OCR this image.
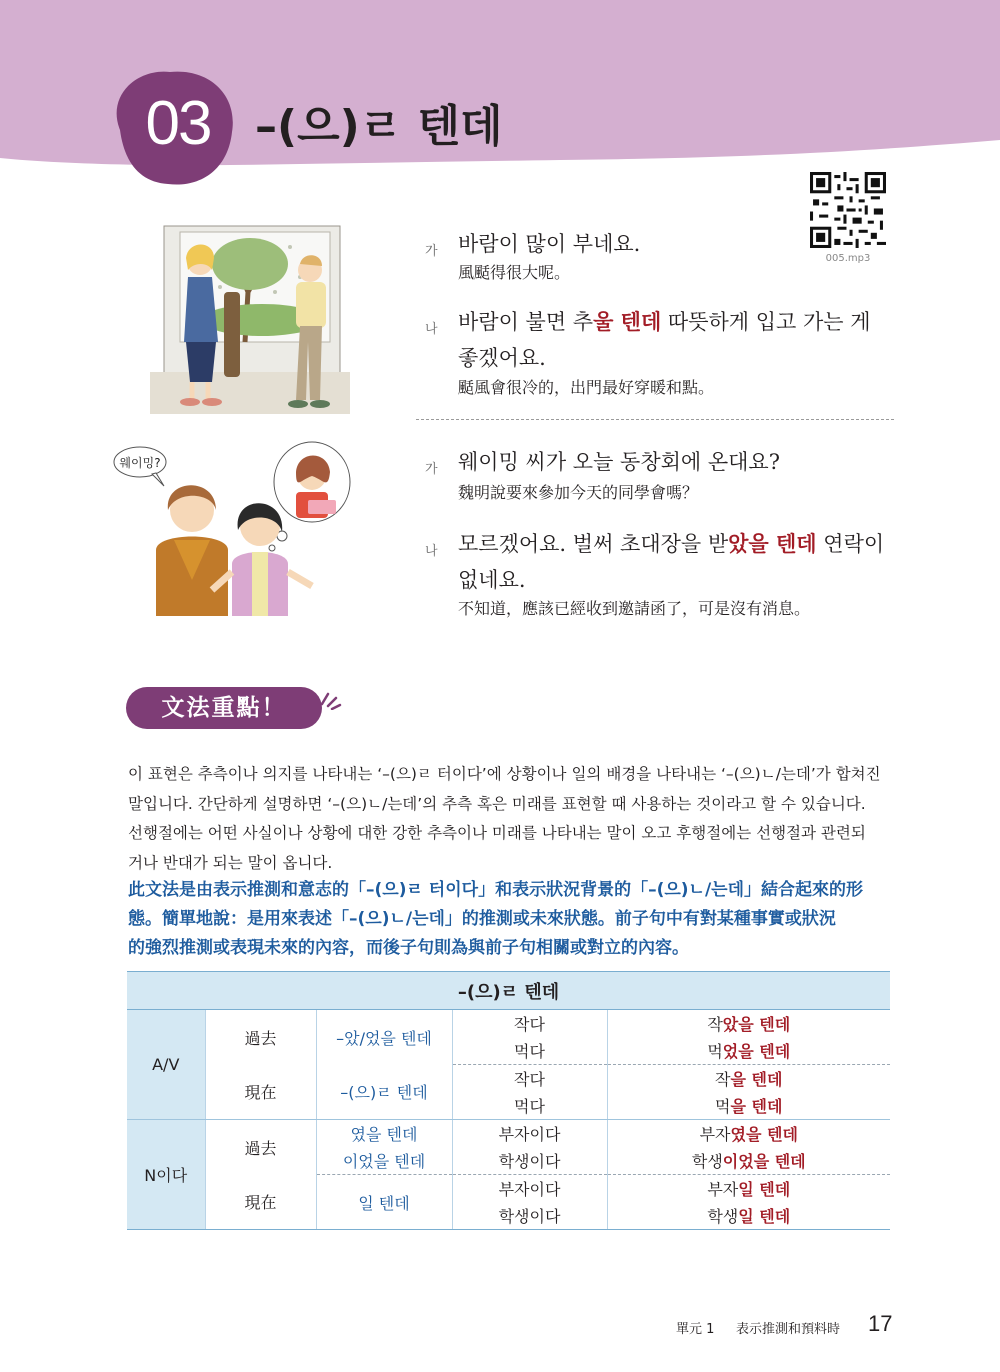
03	–(으)ㄹ 텐데
005.mp3
웨이밍?
가 바람이 많이 부네요.
風颳得很大呢。
나 바람이 불면 추울 텐데 따뜻하게 입고 가는 게
좋겠어요.
颳風會很冷的，出門最好穿暖和點。
가 웨이밍 씨가 오늘 동창회에 온대요?
魏明說要來參加今天的同學會嗎？
나 모르겠어요. 벌써 초대장을 받았을 텐데 연락이
없네요.
不知道，應該已經收到邀請函了，可是沒有消息。
文法重點！

이 표현은 추측이나 의지를 나타내는 ‘–(으)ㄹ 터이다’에 상황이나 일의 배경을 나타내는 ‘–(으)ㄴ/는데’가 합쳐진

말입니다. 간단하게 설명하면 ‘–(으)ㄴ/는데’의 추측 혹은 미래를 표현할 때 사용하는 것이라고 할 수 있습니다.

선행절에는 어떤 사실이나 상황에 대한 강한 추측이나 미래를 나타내는 말이 오고 후행절에는 선행절과 관련되

거나 반대가 되는 말이 옵니다.

此文法是由表示推測和意志的「–(으)ㄹ 터이다」和表示狀況背景的「–(으)ㄴ/는데」結合起來的形

態。簡單地說：是用來表述「–(으)ㄴ/는데」的推測或未來狀態。前子句中有對某種事實或狀況

的強烈推測或表現未來的內容，而後子句則為與前子句相關或對立的內容。

–(으)ㄹ 텐데				
A/V	過去	–았/었을 텐데	작다	작았을 텐데
			먹다	먹었을 텐데
	現在	–(으)ㄹ 텐데	작다	작을 텐데
			먹다	먹을 텐데
N이다	過去	였을 텐데	부자이다	부자였을 텐데
		이었을 텐데	학생이다	학생이었을 텐데
	現在	일 텐데	부자이다	부자일 텐데
			학생이다	학생일 텐데
單元 1 表示推測和預料時 17
